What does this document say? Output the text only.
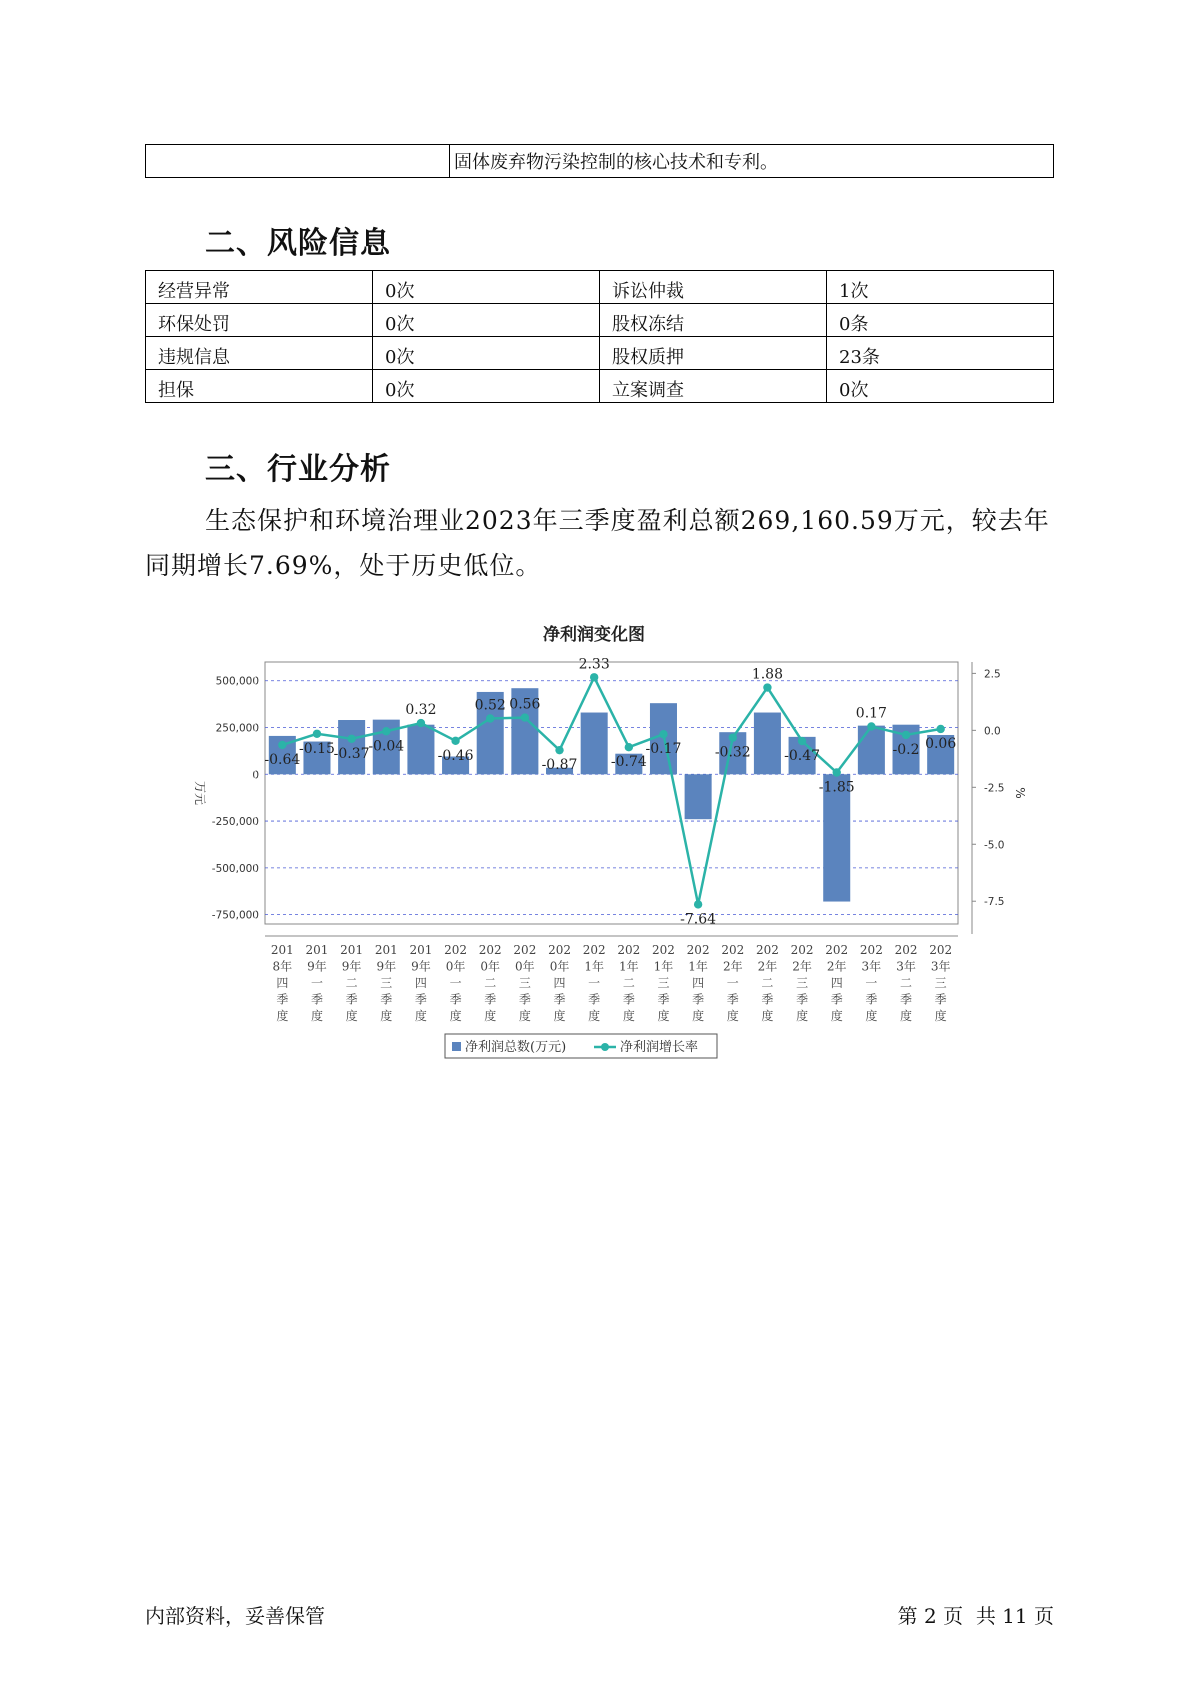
	固体废弃物污染控制的核心技术和专利。
二、风险信息
经营异常	0次	诉讼仲裁	1次
环保处罚	0次	股权冻结	0条
违规信息	0次	股权质押	23条
担保	0次	立案调查	0次
三、行业分析

生态保护和环境治理业2023年三季度盈利总额269,160.59万元，较去年同期增长7.69%，处于历史低位。

净利润变化图
500,000
250,000
0
-250,000
-500,000
-750,000
2.5
0.0
-2.5
-5.0
-7.5
万元	%
-0.64
-0.15
-0.37
-0.04
0.32
-0.46
0.52 0.56
-0.87
2.33
-0.74
-0.17
-7.64
-0.32
1.88
-0.47
-1.85
0.17
-0.2 0.06
201
8年
四
季
度
201
9年
一
季
度
201
9年
二
季
度
201
9年
三
季
度
201
9年
四
季
度
202
0年
一
季
度
202
0年
二
季
度
202
0年
三
季
度
202
0年
四
季
度
202
1年
一
季
度
202
1年
二
季
度
202
1年
三
季
度
202
1年
四
季
度
202
2年
一
季
度
202
2年
二
季
度
202
2年
三
季
度
202
2年
四
季
度
202
3年
一
季
度
202
3年
二
季
度
202
3年
三
季
度
净利润总数(万元)	净利润增长率
内部资料，妥善保管	第 2 页  共 11 页
